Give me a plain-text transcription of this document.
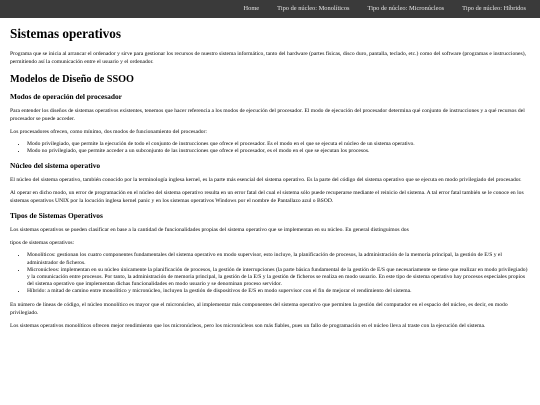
Home	Tipo de núcleo: Monolíticos	Tipo de núcleo: Micronúcleos	Tipo de núcleo: Híbridos
Sistemas operativos

Programa que se inicia al arrancar el ordenador y sirve para gestionar los recursos de nuestro sistema informático, tanto del hardware (partes físicas, disco duro, pantalla, teclado, etc.) como del software (programas e instrucciones), permitiendo así la comunicación entre el usuario y el ordenador.

Modelos de Diseño de SSOO
Modos de operación del procesador

Para entender los diseños de sistemas operativos existentes, tenemos que hacer referencia a los modos de ejecución del procesador. El modo de ejecución del procesador determina qué conjunto de instrucciones y a qué recursos del procesador se puede acceder.

Los procesadores ofrecen, como mínimo, dos modos de funcionamiento del procesador:

• Modo privilegiado, que permite la ejecución de todo el conjunto de instrucciones que ofrece el procesador. Es el modo en el que se ejecuta el núcleo de un sistema operativo.
• Modo no privilegiado, que permite acceder a un subconjunto de las instrucciones que ofrece el procesador, es el modo en el que se ejecutan los procesos.
Núcleo del sistema operativo

El núcleo del sistema operativo, también conocido por la terminología inglesa kernel, es la parte más esencial del sistema operativo. Es la parte del código del sistema operativo que se ejecuta en modo privilegiado del procesador.

Al operar en dicho modo, un error de programación en el núcleo del sistema operativo resulta en un error fatal del cual el sistema sólo puede recuperarse mediante el reinicio del sistema. A tal error fatal también se le conoce en los sistemas operativos UNIX por la locución inglesa kernel panic y en los sistemas operativos Windows por el nombre de Pantallazo azul o BSOD.

Tipos de Sistemas Operativos

Los sistemas operativos se pueden clasificar en base a la cantidad de funcionalidades propias del sistema operativo que se implementan en su núcleo. En general distinguimos dos

tipos de sistemas operativos:

• Monolíticos: gestionan los cuatro componentes fundamentales del sistema operativo en modo supervisor, esto incluye, la planificación de procesos, la administración de la memoria principal, la gestión de E/S y el administrador de ficheros.
• Micronúcleos: implementan en su núcleo únicamente la planificación de procesos, la gestión de interrupciones (la parte básica fundamental de la gestión de E/S que necesariamente se tiene que realizar en modo privilegiado) y la comunicación entre procesos. Por tanto, la administración de memoria principal, la gestión de la E/S y la gestión de ficheros se realiza en modo usuario. En este tipo de sistema operativo hay procesos especiales propios del sistema operativo que implementan dichas funcionalidades en modo usuario y se denominan proceso servidor.
• Híbrido: a mitad de camino entre monolítico y micronúcleo, incluyen la gestión de dispositivos de E/S en modo supervisor con el fin de mejorar el rendimiento del sistema.

En número de líneas de código, el núcleo monolítico es mayor que el micronúcleo, al implementar más componentes del sistema operativo que permiten la gestión del computador en el espacio del núcleo, es decir, en modo privilegiado.

Los sistemas operativos monolíticos ofrecen mejor rendimiento que los micronúcleos, pero los micronúcleos son más fiables, pues un fallo de programación en el núcleo lleva al traste con la ejecución del sistema.
